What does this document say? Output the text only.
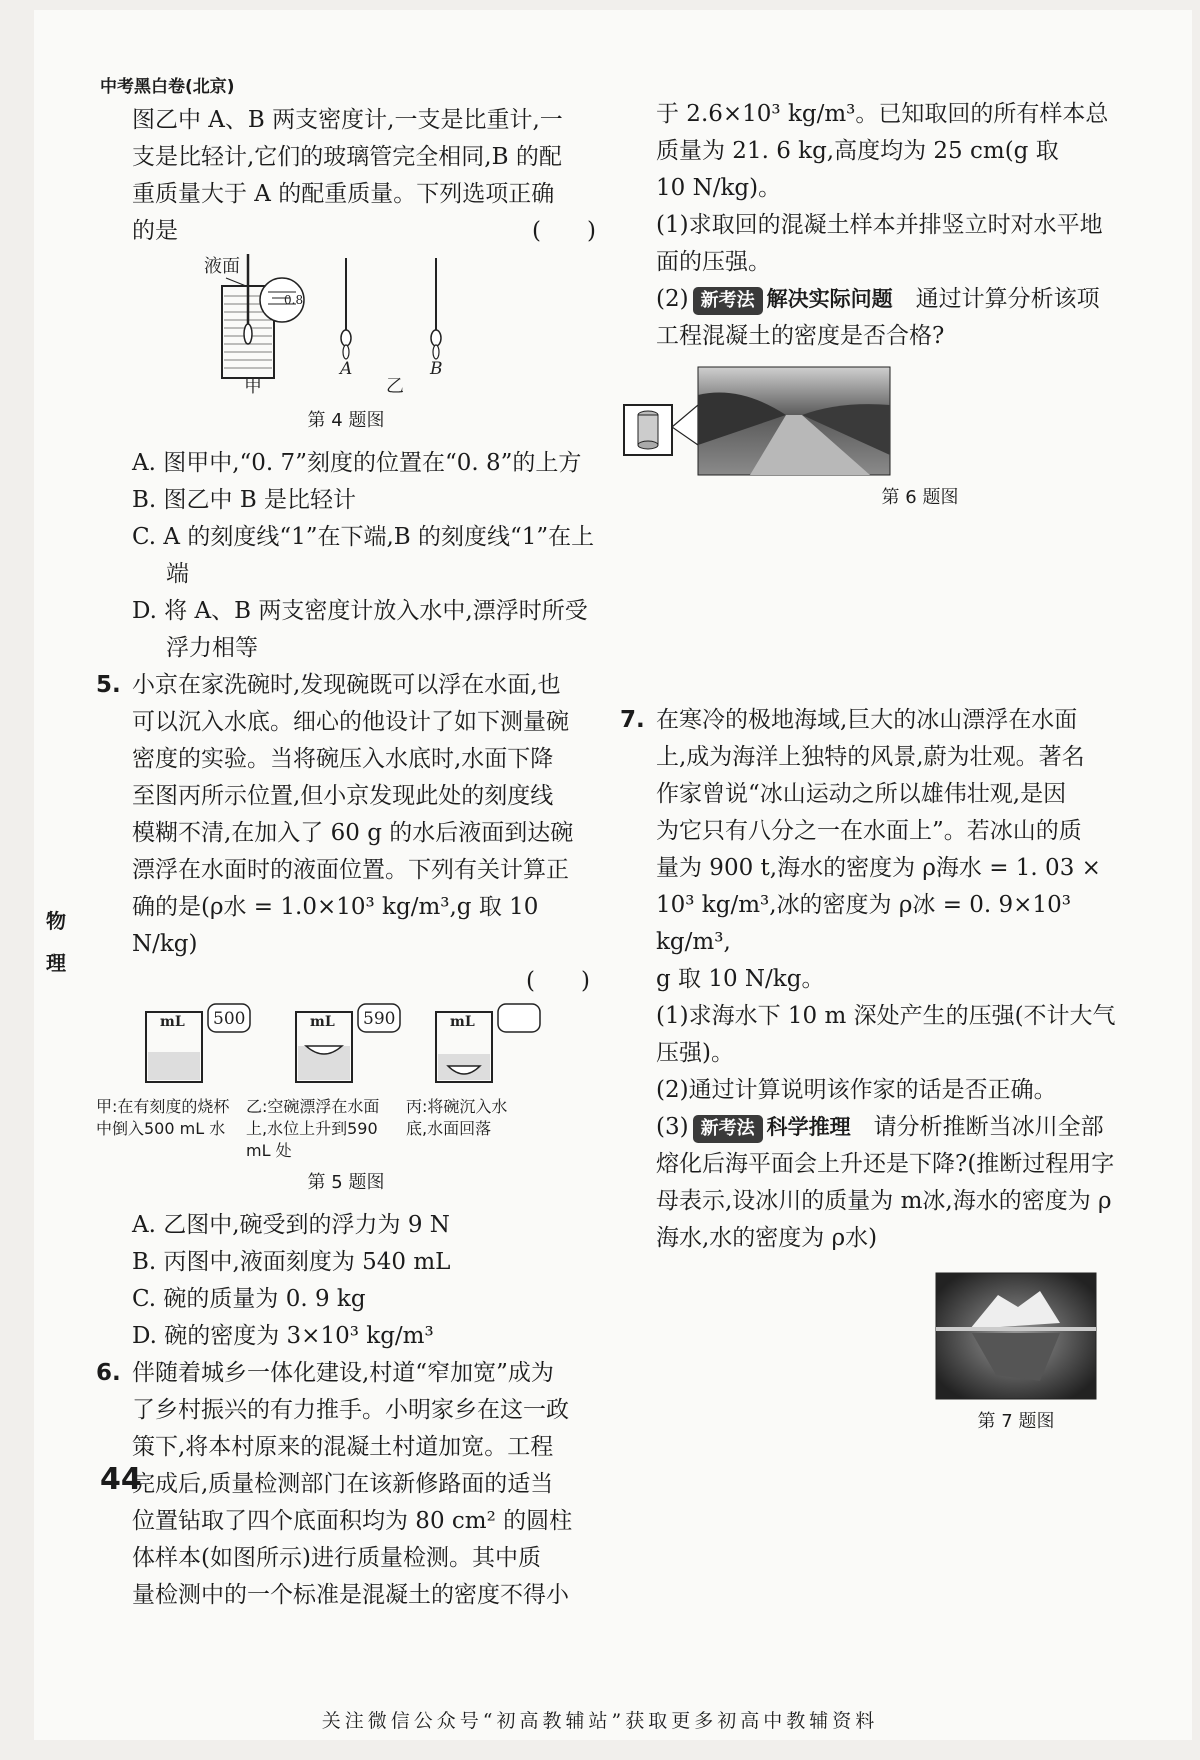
中考黑白卷(北京)

图乙中 A、B 两支密度计,一支是比重计,一

支是比轻计,它们的玻璃管完全相同,B 的配

重质量大于 A 的配重质量。下列选项正确

的是	(　　)

液面
0.8
甲
A	B
乙
第 4 题图

A. 图甲中,“0. 7”刻度的位置在“0. 8”的上方

B. 图乙中 B 是比轻计

C. A 的刻度线“1”在下端,B 的刻度线“1”在上端

D. 将 A、B 两支密度计放入水中,漂浮时所受浮力相等

5. 小京在家洗碗时,发现碗既可以浮在水面,也

可以沉入水底。细心的他设计了如下测量碗

密度的实验。当将碗压入水底时,水面下降

至图丙所示位置,但小京发现此处的刻度线

模糊不清,在加入了 60 g 的水后液面到达碗

漂浮在水面时的液面位置。下列有关计算正

确的是(ρ水 = 1.0×10³ kg/m³,g 取 10 N/kg)

(　　)

mL 500	mL 590	mL
甲:在有刻度的烧杯中倒入500 mL 水
乙:空碗漂浮在水面上,水位上升到590 mL 处
丙:将碗沉入水底,水面回落
第 5 题图

A. 乙图中,碗受到的浮力为 9 N

B. 丙图中,液面刻度为 540 mL

C. 碗的质量为 0. 9 kg

D. 碗的密度为 3×10³ kg/m³

6. 伴随着城乡一体化建设,村道“窄加宽”成为

了乡村振兴的有力推手。小明家乡在这一政

策下,将本村原来的混凝土村道加宽。工程

完成后,质量检测部门在该新修路面的适当

位置钻取了四个底面积均为 80 cm² 的圆柱

体样本(如图所示)进行质量检测。其中质

量检测中的一个标准是混凝土的密度不得小

于 2.6×10³ kg/m³。已知取回的所有样本总

质量为 21. 6 kg,高度均为 25 cm(g 取

10 N/kg)。

(1)求取回的混凝土样本并排竖立时对水平地面的压强。

(2) 新考法 解决实际问题　 通过计算分析该项工程混凝土的密度是否合格?

第 6 题图

7. 在寒冷的极地海域,巨大的冰山漂浮在水面

上,成为海洋上独特的风景,蔚为壮观。著名

作家曾说“冰山运动之所以雄伟壮观,是因

为它只有八分之一在水面上”。若冰山的质

量为 900 t,海水的密度为 ρ海水 = 1. 03 ×

10³ kg/m³,冰的密度为 ρ冰 = 0. 9×10³ kg/m³,

g 取 10 N/kg。

(1)求海水下 10 m 深处产生的压强(不计大气压强)。

(2)通过计算说明该作家的话是否正确。

(3) 新考法 科学推理　 请分析推断当冰川全部熔化后海平面会上升还是下降?(推断过程用字母表示,设冰川的质量为 m冰,海水的密度为 ρ海水,水的密度为 ρ水)

第 7 题图
物
理
44
关注微信公众号“初高教辅站”获取更多初高中教辅资料
